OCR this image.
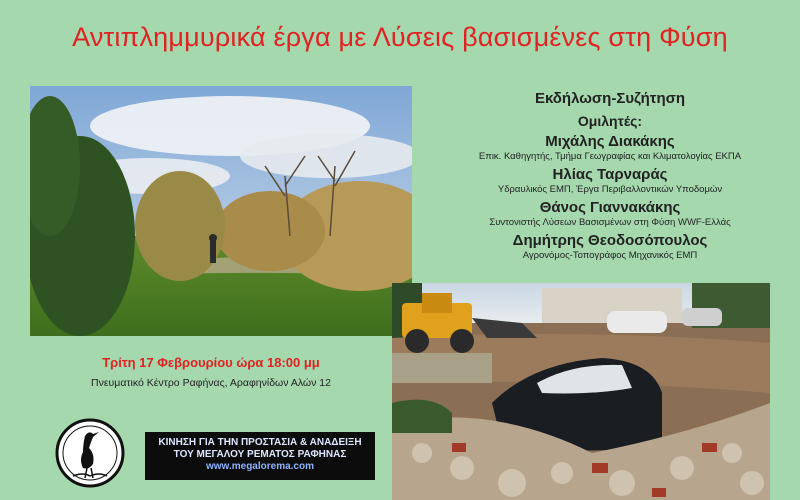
Αντιπλημμυρικά έργα με Λύσεις βασισμένες στη Φύση
Εκδήλωση-Συζήτηση
Ομιλητές:
Μιχάλης Διακάκης
Επικ. Καθηγητής, Τμήμα Γεωγραφίας και Κλιματολογίας ΕΚΠΑ
Ηλίας Ταρναράς
Υδραυλικός ΕΜΠ, Έργα Περιβαλλοντικών Υποδομών
Θάνος Γιαννακάκης
Συντονιστής Λύσεων Βασισμένων στη Φύση WWF-Ελλάς
Δημήτρης Θεοδοσόπουλος
Αγρονόμος-Τοπογράφος Μηχανικός ΕΜΠ
Τρίτη 17 Φεβρουρίου ώρα 18:00 μμ
Πνευματικό Κέντρο Ραφήνας, Αραφηνίδων Αλών 12
ΚΙΝΗΣΗ ΓΙΑ ΤΗΝ ΠΡΟΣΤΑΣΙΑ & ΑΝΑΔΕΙΞΗ
ΤΟΥ ΜΕΓΑΛΟΥ ΡΕΜΑΤΟΣ ΡΑΦΗΝΑΣ
www.megalorema.com
